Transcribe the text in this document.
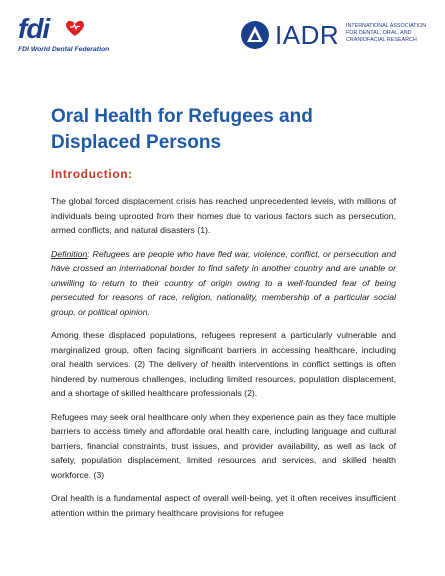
fdi
FDI World Dental Federation	IADR INTERNATIONAL ASSOCIATION
FOR DENTAL, ORAL, AND
CRANIOFACIAL RESEARCH
Oral Health for Refugees and
Displaced Persons
Introduction:

The global forced displacement crisis has reached unprecedented levels, with millions of individuals being uprooted from their homes due to various factors such as persecution, armed conflicts, and natural disasters (1).

Definition: Refugees are people who have fled war, violence, conflict, or persecution and have crossed an international border to find safety in another country and are unable or unwilling to return to their country of origin owing to a well-founded fear of being persecuted for reasons of race, religion, nationality, membership of a particular social group, or political opinion.

Among these displaced populations, refugees represent a particularly vulnerable and marginalized group, often facing significant barriers in accessing healthcare, including oral health services. (2) The delivery of health interventions in conflict settings is often hindered by numerous challenges, including limited resources, population displacement, and a shortage of skilled healthcare professionals (2).

Refugees may seek oral healthcare only when they experience pain as they face multiple barriers to access timely and affordable oral health care, including language and cultural barriers, financial constraints, trust issues, and provider availability, as well as lack of safety, population displacement, limited resources and services, and skilled health workforce. (3)

Oral health is a fundamental aspect of overall well-being, yet it often receives insufficient attention within the primary healthcare provisions for refugee
